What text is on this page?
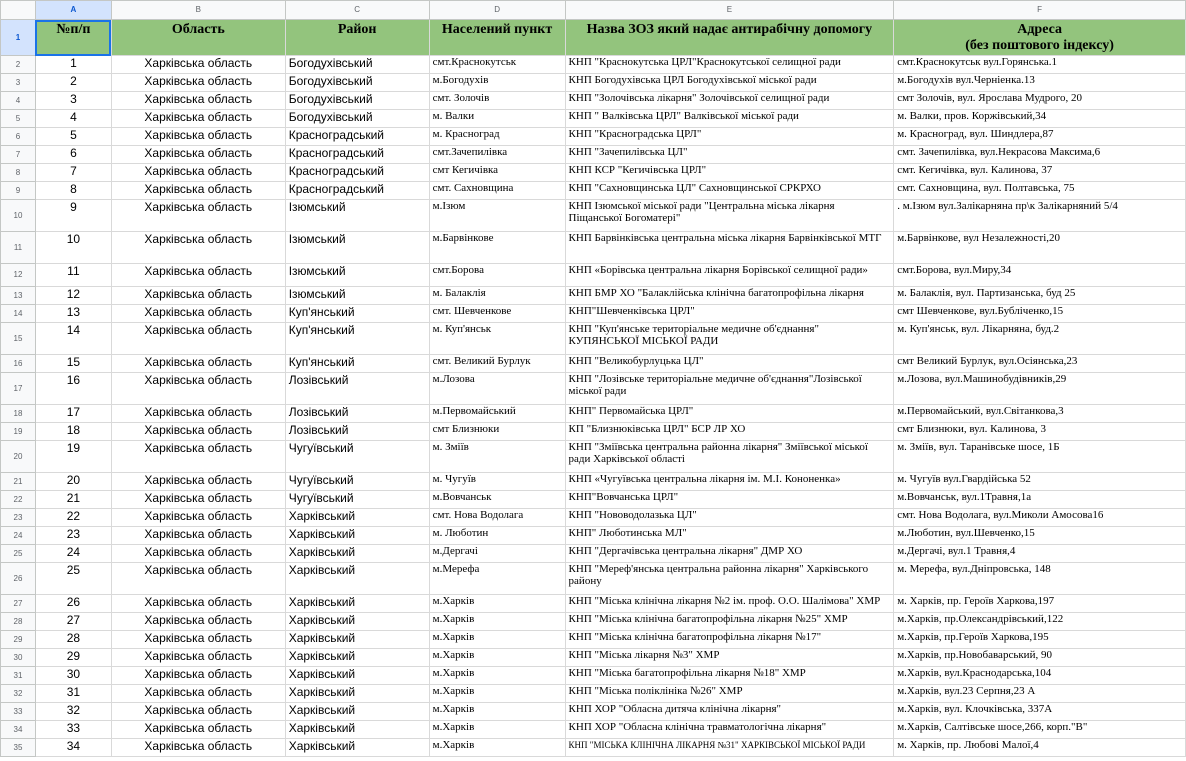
	A	B	C	D	E	F
1	№п/п	Область	Район	Населений пункт	Назва ЗОЗ який надає антирабічну допомогу	Адреса
(без поштового індексу)

2	1	Харківська область	Богодухівський	смт.Краснокутськ	КНП "Краснокутська ЦРЛ"Краснокутської селищної ради	смт.Краснокутськ вул.Горянська.1
3	2	Харківська область	Богодухівський	м.Богодухів	КНП Богодухівська ЦРЛ Богодухівської міської ради	м.Богодухів вул.Черніенка.13
4	3	Харківська область	Богодухівський	смт. Золочів	КНП "Золочівська лікарня" Золочівської селищної ради	смт Золочів, вул. Ярослава Мудрого, 20
5	4	Харківська область	Богодухівський	м. Валки	КНП " Валківська ЦРЛ" Валківської міської ради	м. Валки, пров. Коржівський,34
6	5	Харківська область	Красноградський	м. Красноград	КНП "Красноградська ЦРЛ"	м. Красноград, вул. Шиндлера,87
7	6	Харківська область	Красноградський	смт.Зачепилівка	КНП "Зачепилівська ЦЛ"	смт. Зачепилівка, вул.Некрасова Максима,6
8	7	Харківська область	Красноградський	смт Кегичівка	КНП КСР "Кегичівська ЦРЛ"	смт. Кегичівка, вул. Калинова, 37
9	8	Харківська область	Красноградський	смт. Сахновщина	КНП "Сахновщинська ЦЛ" Сахновщинської СРКРХО	смт. Сахновщина, вул. Полтавська, 75
10	9	Харківська область	Ізюмський	м.Ізюм	КНП Ізюмської міської ради "Центральна міська лікарня Піщанської Богоматері"	. м.Ізюм вул.Залікарняна пр\к Залікарняний 5/4
11	10	Харківська область	Ізюмський	м.Барвінкове	КНП Барвінківська центральна міська лікарня Барвінківської МТГ	м.Барвінкове, вул Незалежності,20
12	11	Харківська область	Ізюмський	смт.Борова	КНП «Борівська центральна лікарня Борівської селищної ради»	смт.Борова, вул.Миру,34
13	12	Харківська область	Ізюмський	м. Балаклія	КНП БМР ХО "Балаклійська клінічна багатопрофільна лікарня	м. Балаклія, вул. Партизанська, буд 25
14	13	Харківська область	Куп'янський	смт. Шевченкове	КНП"Шевченківська ЦРЛ"	смт Шевченкове, вул.Бубліченко,15
15	14	Харківська область	Куп'янський	м. Куп'янськ	КНП "Куп'янське територіальне медичне об'єднання" КУПЯНСЬКОЇ МІСЬКОЇ РАДИ	м. Куп'янськ, вул. Лікарняна, буд.2
16	15	Харківська область	Куп'янський	смт. Великий Бурлук	КНП "Великобурлуцька ЦЛ"	смт Великий Бурлук, вул.Осіянська,23
17	16	Харківська область	Лозівський	м.Лозова	КНП "Лозівське територіальне медичне об'єднання"Лозівської міської ради	м.Лозова, вул.Машинобудівників,29
18	17	Харківська область	Лозівський	м.Первомайський	КНП" Первомайська ЦРЛ"	м.Первомайський, вул.Світанкова,3
19	18	Харківська область	Лозівський	смт Близнюки	КП "Близнюківська ЦРЛ" БСР ЛР ХО	смт Близнюки, вул. Калинова, 3
20	19	Харківська область	Чугуївський	м. Зміїв	КНП "Зміївська центральна районна лікарня" Зміївської міської ради Харківської області	м. Зміїв, вул. Таранівське шосе, 1Б
21	20	Харківська область	Чугуївський	м. Чугуїв	КНП «Чугуївська центральна лікарня ім. М.І. Кононенка»	м. Чугуїв вул.Гвардійська 52
22	21	Харківська область	Чугуївський	м.Вовчанськ	КНП"Вовчанська ЦРЛ"	м.Вовчанськ, вул.1Травня,1а
23	22	Харківська область	Харківський	смт. Нова Водолага	КНП "Нововодолазька ЦЛ"	смт. Нова Водолага, вул.Миколи Амосова16
24	23	Харківська область	Харківський	м. Люботин	КНП" Люботинська МЛ"	м.Люботин, вул.Шевченко,15
25	24	Харківська область	Харківський	м.Дергачі	КНП "Дергачівська центральна лікарня" ДМР ХО	м.Дергачі, вул.1 Травня,4
26	25	Харківська область	Харківський	м.Мерефа	КНП "Мереф'янська центральна районна лікарня" Харківського району	м. Мерефа, вул.Дніпровська, 148
27	26	Харківська область	Харківський	м.Харків	КНП "Міська клінічна лікарня №2 ім. проф. О.О. Шалімова" ХМР	м. Харків, пр. Героїв Харкова,197
28	27	Харківська область	Харківський	м.Харків	КНП "Міська клінічна багатопрофільна лікарня №25" ХМР	м.Харків, пр.Олександрівський,122
29	28	Харківська область	Харківський	м.Харків	КНП "Міська клінічна багатопрофільна лікарня №17"	м.Харків, пр.Героїв Харкова,195
30	29	Харківська область	Харківський	м.Харків	КНП "Міська лікарня №3" ХМР	м.Харків, пр.Новобаварський, 90
31	30	Харківська область	Харківський	м.Харків	КНП "Міська багатопрофільна лікарня №18" ХМР	м.Харків, вул.Краснодарська,104
32	31	Харківська область	Харківський	м.Харків	КНП "Міська поліклініка №26" ХМР	м.Харків, вул.23 Серпня,23 А
33	32	Харківська область	Харківський	м.Харків	КНП ХОР "Обласна дитяча клінічна лікарня"	м.Харків, вул. Клочківська, 337А
34	33	Харківська область	Харківський	м.Харків	КНП ХОР "Обласна клінічна травматологічна лікарня"	м.Харків, Салтівське шосе,266, корп."В"
35	34	Харківська область	Харківський	м.Харків	КНП "МІСЬКА КЛІНІЧНА ЛІКАРНЯ №31" ХАРКІВСЬКОЇ МІСЬКОЇ РАДИ	м. Харків, пр. Любові Малої,4
